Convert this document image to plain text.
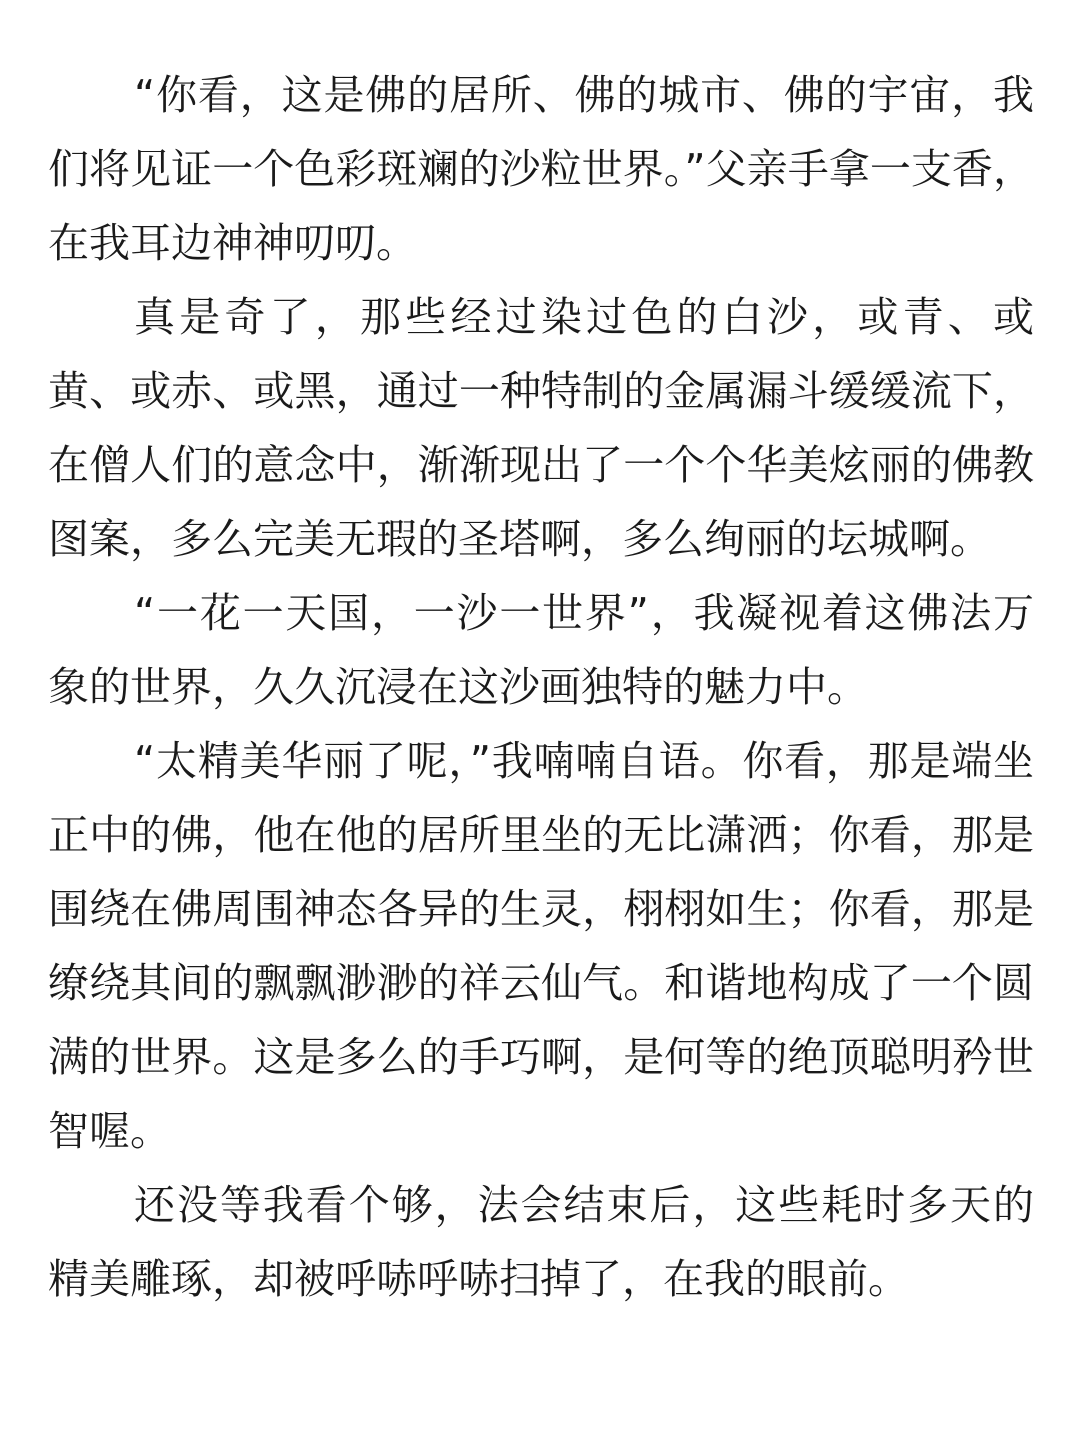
“你看，这是佛的居所、佛的城市、佛的宇宙，我们将见证一个色彩斑斓的沙粒世界。”父亲手拿一支香，在我耳边神神叨叨。

真是奇了，那些经过染过色的白沙，或青、或黄、或赤、或黑，通过一种特制的金属漏斗缓缓流下，在僧人们的意念中，渐渐现出了一个个华美炫丽的佛教图案，多么完美无瑕的圣塔啊，多么绚丽的坛城啊。

“一花一天国，一沙一世界”，我凝视着这佛法万象的世界，久久沉浸在这沙画独特的魅力中。

“太精美华丽了呢，”我喃喃自语。你看，那是端坐正中的佛，他在他的居所里坐的无比潇洒；你看，那是围绕在佛周围神态各异的生灵，栩栩如生；你看，那是缭绕其间的飘飘渺渺的祥云仙气。和谐地构成了一个圆满的世界。这是多么的手巧啊，是何等的绝顶聪明矜世智喔。

还没等我看个够，法会结束后，这些耗时多天的精美雕琢，却被呼哧呼哧扫掉了，在我的眼前。
